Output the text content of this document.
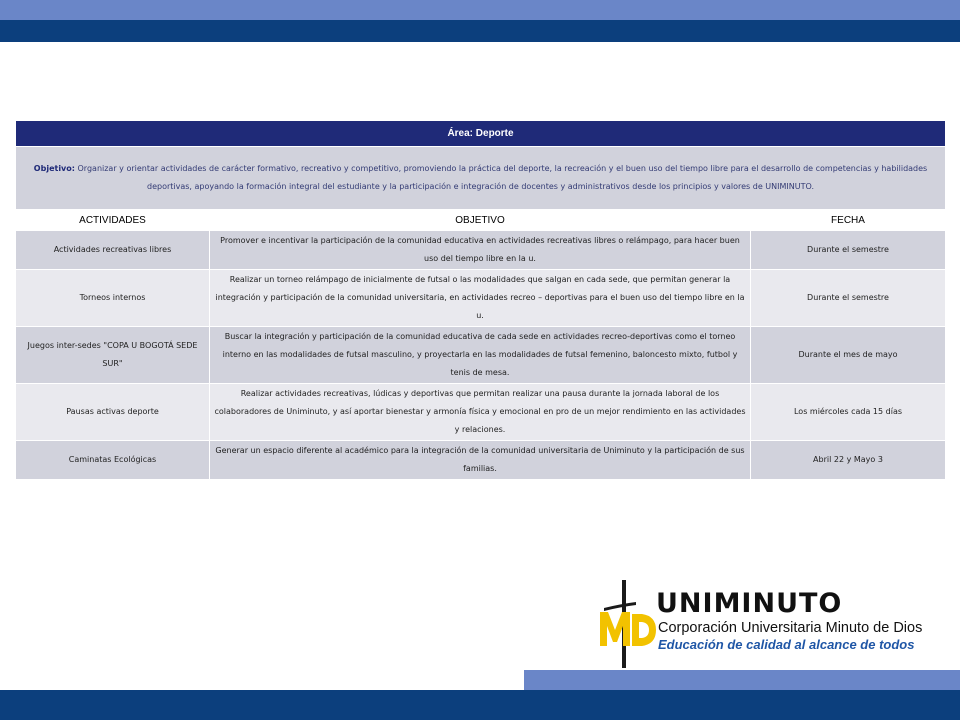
Área: Deporte		
Objetivo: Organizar y orientar actividades de carácter formativo, recreativo y competitivo, promoviendo la práctica del deporte, la recreación y el buen uso del tiempo libre para el desarrollo de competencias y habilidades deportivas, apoyando la formación integral del estudiante y la participación e integración de docentes y administrativos desde los principios y valores de UNIMINUTO.		
ACTIVIDADES	OBJETIVO	FECHA
Actividades recreativas libres	Promover e incentivar la participación de la comunidad educativa en actividades recreativas libres o relámpago, para hacer buen uso del tiempo libre en la u.	Durante el semestre
Torneos internos	Realizar un torneo relámpago de inicialmente de futsal o las modalidades que salgan en cada sede, que permitan generar la integración y participación de la comunidad universitaria, en actividades recreo – deportivas para el buen uso del tiempo libre en la u.	Durante el semestre
Juegos inter-sedes "COPA U BOGOTÁ SEDE SUR"	Buscar la integración y participación de la comunidad educativa de cada sede en actividades recreo-deportivas como el torneo interno en las modalidades de futsal masculino, y proyectarla en las modalidades de futsal femenino, baloncesto mixto, futbol y tenis de mesa.	Durante el mes de mayo
Pausas activas deporte	Realizar actividades recreativas, lúdicas y deportivas que permitan realizar una pausa durante la jornada laboral de los colaboradores de Uniminuto, y así aportar bienestar y armonía física y emocional en pro de un mejor rendimiento en las actividades y relaciones.	Los miércoles cada 15 días
Caminatas Ecológicas	Generar un espacio diferente al académico para la integración de la comunidad universitaria de Uniminuto y la participación de sus familias.	Abril 22 y Mayo 3
UNIMINUTO
Corporación Universitaria Minuto de Dios
Educación de calidad al alcance de todos
